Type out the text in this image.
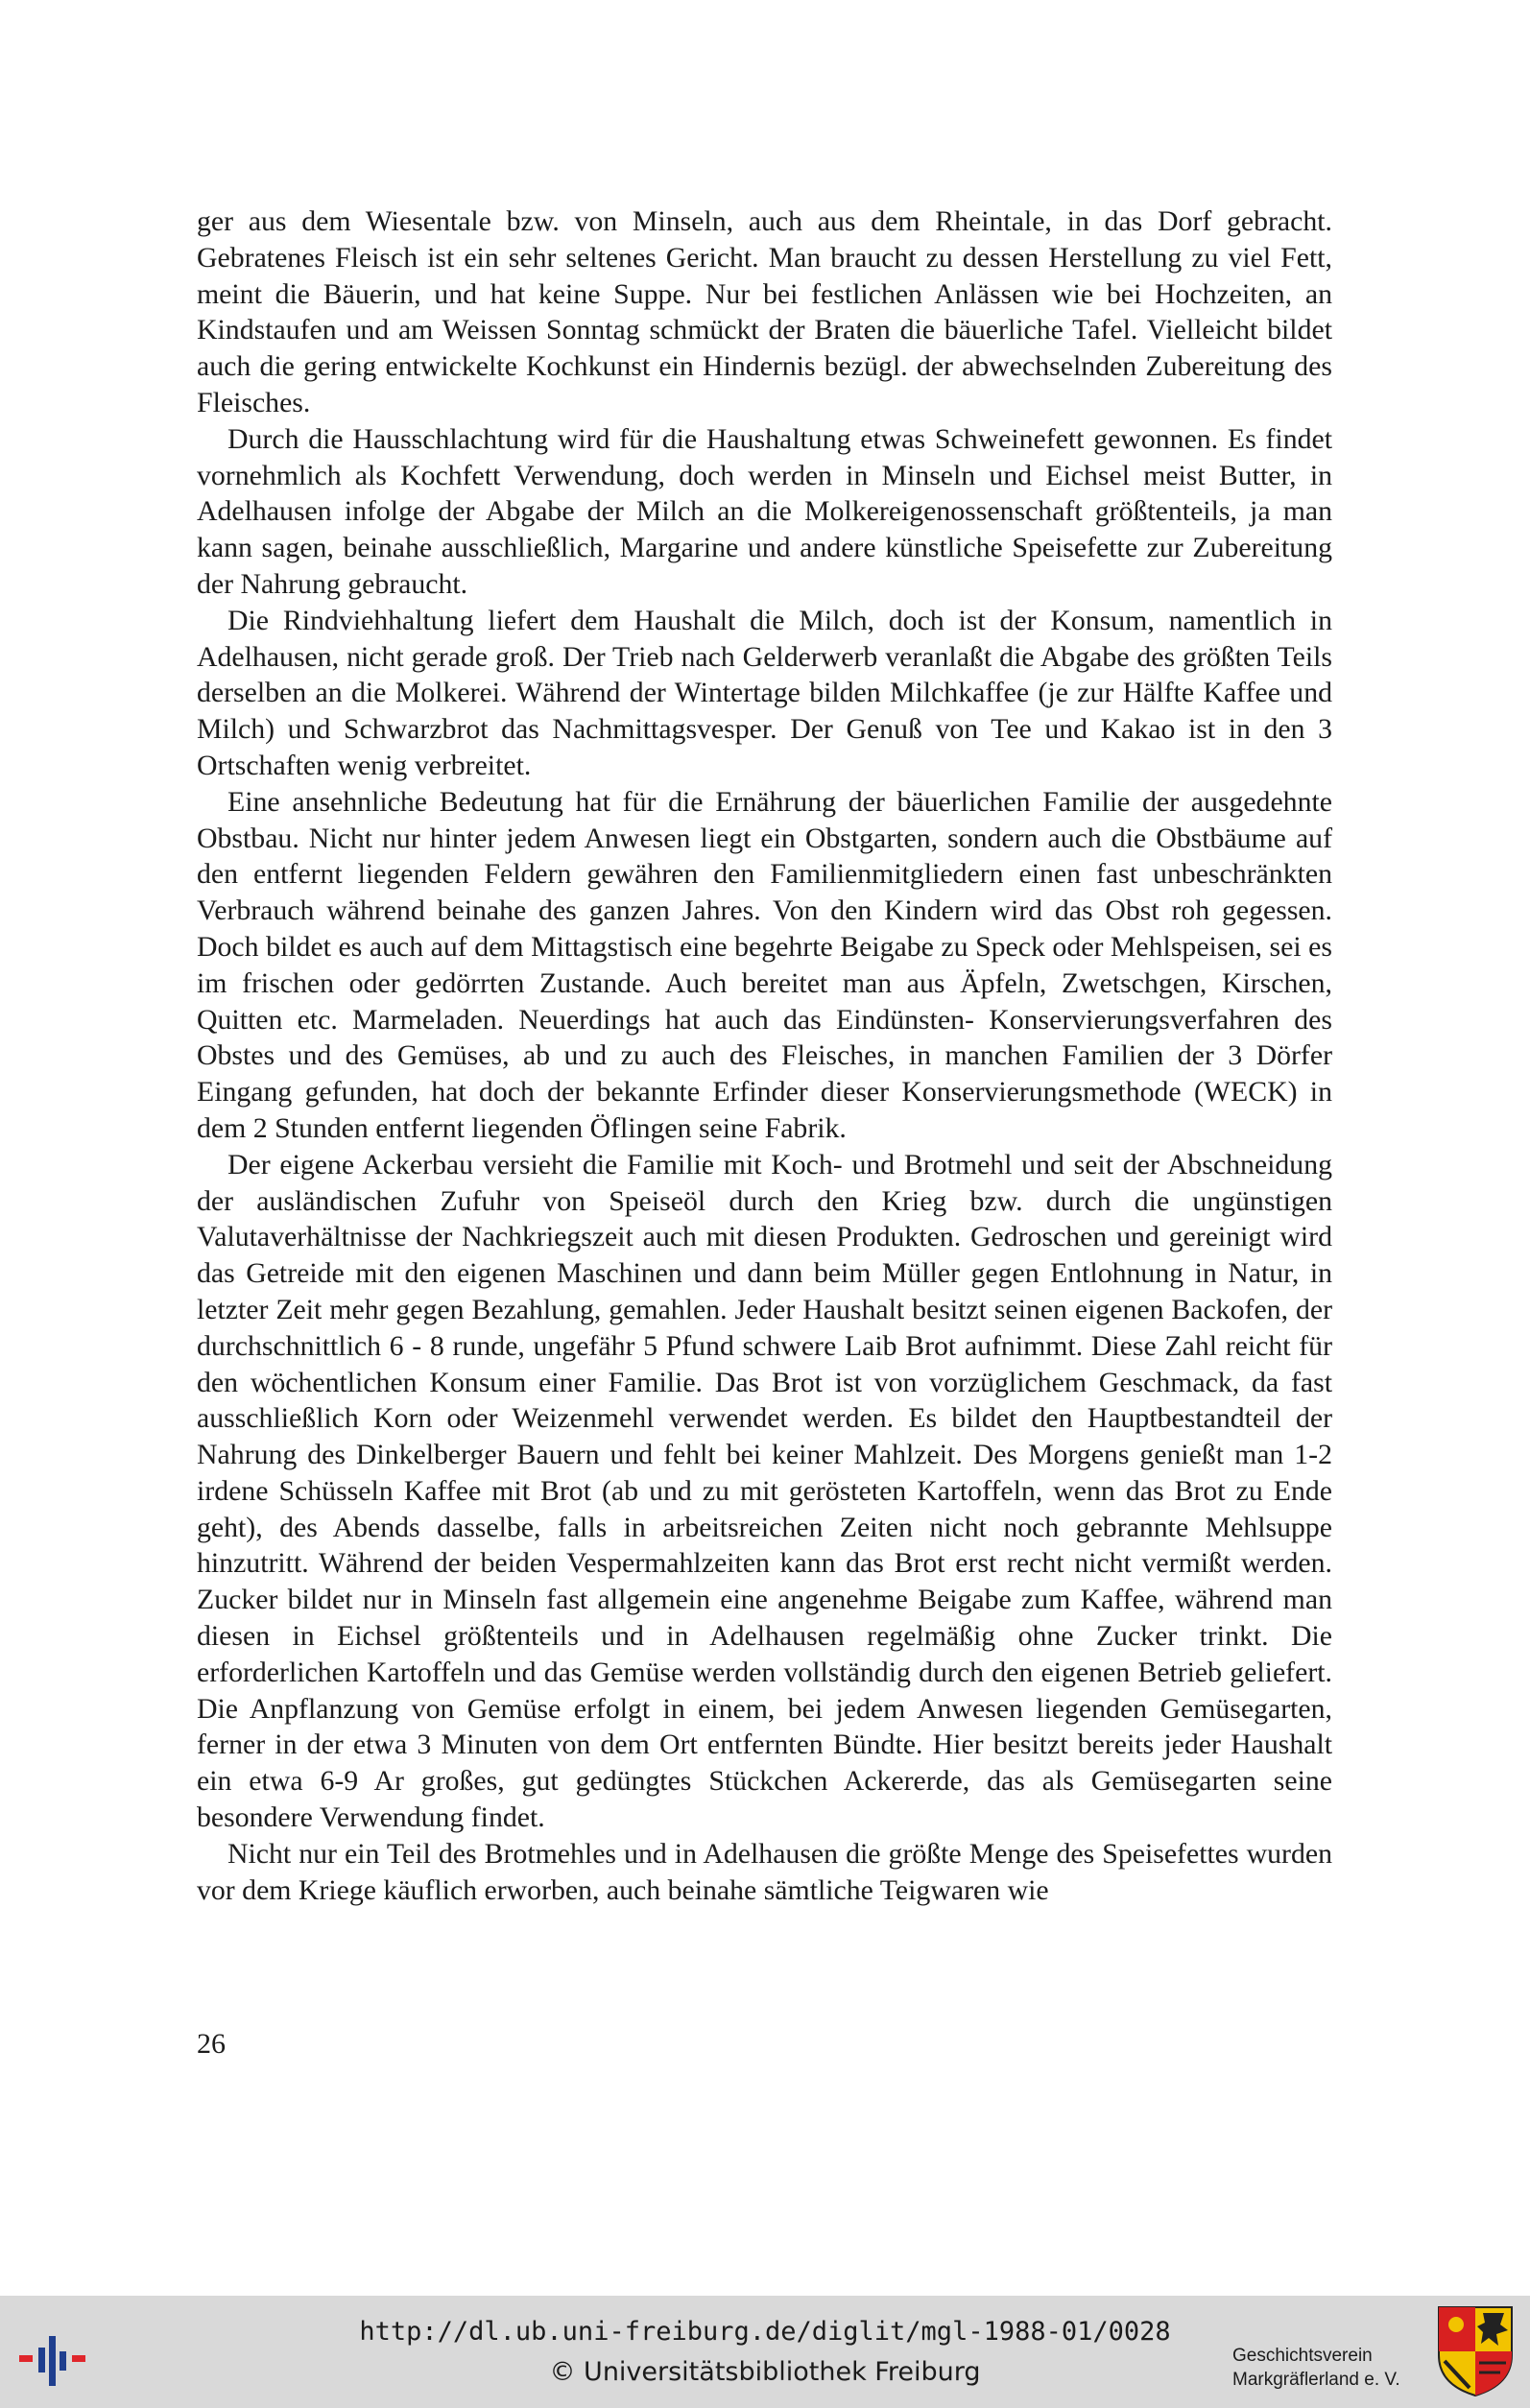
ger aus dem Wiesentale bzw. von Minseln, auch aus dem Rheintale, in das Dorf gebracht. Gebratenes Fleisch ist ein sehr seltenes Gericht. Man braucht zu dessen Herstellung zu viel Fett, meint die Bäuerin, und hat keine Suppe. Nur bei festlichen Anlässen wie bei Hochzeiten, an Kindstaufen und am Weissen Sonntag schmückt der Braten die bäuerliche Tafel. Vielleicht bildet auch die gering entwickelte Kochkunst ein Hindernis bezügl. der abwechselnden Zubereitung des Fleisches.

Durch die Hausschlachtung wird für die Haushaltung etwas Schweinefett gewonnen. Es findet vornehmlich als Kochfett Verwendung, doch werden in Minseln und Eichsel meist Butter, in Adelhausen infolge der Abgabe der Milch an die Molkereigenossenschaft größtenteils, ja man kann sagen, beinahe ausschließlich, Margarine und andere künstliche Speisefette zur Zubereitung der Nahrung gebraucht.

Die Rindviehhaltung liefert dem Haushalt die Milch, doch ist der Konsum, namentlich in Adelhausen, nicht gerade groß. Der Trieb nach Gelderwerb veranlaßt die Abgabe des größten Teils derselben an die Molkerei. Während der Wintertage bilden Milchkaffee (je zur Hälfte Kaffee und Milch) und Schwarzbrot das Nachmittagsvesper. Der Genuß von Tee und Kakao ist in den 3 Ortschaften wenig verbreitet.

Eine ansehnliche Bedeutung hat für die Ernährung der bäuerlichen Familie der ausgedehnte Obstbau. Nicht nur hinter jedem Anwesen liegt ein Obstgarten, sondern auch die Obstbäume auf den entfernt liegenden Feldern gewähren den Familienmitgliedern einen fast unbeschränkten Verbrauch während beinahe des ganzen Jahres. Von den Kindern wird das Obst roh gegessen. Doch bildet es auch auf dem Mittagstisch eine begehrte Beigabe zu Speck oder Mehlspeisen, sei es im frischen oder gedörrten Zustande. Auch bereitet man aus Äpfeln, Zwetschgen, Kirschen, Quitten etc. Marmeladen. Neuerdings hat auch das Eindünsten- Konservierungsverfahren des Obstes und des Gemüses, ab und zu auch des Fleisches, in manchen Familien der 3 Dörfer Eingang gefunden, hat doch der bekannte Erfinder dieser Konservierungsmethode (WECK) in dem 2 Stunden entfernt liegenden Öflingen seine Fabrik.

Der eigene Ackerbau versieht die Familie mit Koch- und Brotmehl und seit der Abschneidung der ausländischen Zufuhr von Speiseöl durch den Krieg bzw. durch die ungünstigen Valutaverhältnisse der Nachkriegszeit auch mit diesen Produkten. Gedroschen und gereinigt wird das Getreide mit den eigenen Maschinen und dann beim Müller gegen Entlohnung in Natur, in letzter Zeit mehr gegen Bezahlung, gemahlen. Jeder Haushalt besitzt seinen eigenen Backofen, der durchschnittlich 6 - 8 runde, ungefähr 5 Pfund schwere Laib Brot aufnimmt. Diese Zahl reicht für den wöchentlichen Konsum einer Familie. Das Brot ist von vorzüglichem Geschmack, da fast ausschließlich Korn oder Weizenmehl verwendet werden. Es bildet den Hauptbestandteil der Nahrung des Dinkelberger Bauern und fehlt bei keiner Mahlzeit. Des Morgens genießt man 1-2 irdene Schüsseln Kaffee mit Brot (ab und zu mit gerösteten Kartoffeln, wenn das Brot zu Ende geht), des Abends dasselbe, falls in arbeitsreichen Zeiten nicht noch gebrannte Mehlsuppe hinzutritt. Während der beiden Vespermahlzeiten kann das Brot erst recht nicht vermißt werden. Zucker bildet nur in Minseln fast allgemein eine angenehme Beigabe zum Kaffee, während man diesen in Eichsel größtenteils und in Adelhausen regelmäßig ohne Zucker trinkt. Die erforderlichen Kartoffeln und das Gemüse werden vollständig durch den eigenen Betrieb geliefert. Die Anpflanzung von Gemüse erfolgt in einem, bei jedem Anwesen liegenden Gemüsegarten, ferner in der etwa 3 Minuten von dem Ort entfernten Bündte. Hier besitzt bereits jeder Haushalt ein etwa 6-9 Ar großes, gut gedüngtes Stückchen Ackererde, das als Gemüsegarten seine besondere Verwendung findet.

Nicht nur ein Teil des Brotmehles und in Adelhausen die größte Menge des Speisefettes wurden vor dem Kriege käuflich erworben, auch beinahe sämtliche Teigwaren wie

26
http://dl.ub.uni-freiburg.de/diglit/mgl-1988-01/0028
© Universitätsbibliothek Freiburg
Geschichtsverein
Markgräflerland e. V.
